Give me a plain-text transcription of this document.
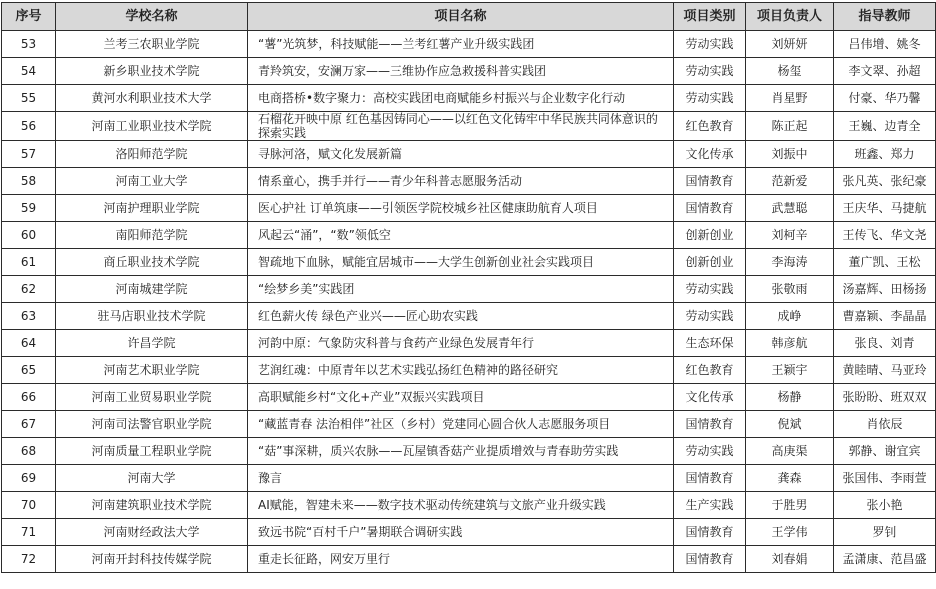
序号	学校名称	项目名称	项目类别	项目负责人	指导教师
53	兰考三农职业学院	“薯”光筑梦，科技赋能——兰考红薯产业升级实践团	劳动实践	刘妍妍	吕伟增、姚冬
54	新乡职业技术学院	青羚筑安，安澜万家——三维协作应急救援科普实践团	劳动实践	杨玺	李文翠、孙超
55	黄河水利职业技术大学	电商搭桥•数字聚力：高校实践团电商赋能乡村振兴与企业数字化行动	劳动实践	肖星野	付豪、华乃馨
56	河南工业职业技术学院	石榴花开映中原 红色基因铸同心——以红色文化铸牢中华民族共同体意识的探索实践	红色教育	陈正起	王巍、边青全
57	洛阳师范学院	寻脉河洛，赋文化发展新篇	文化传承	刘振中	班鑫、郑力
58	河南工业大学	情系童心，携手并行——青少年科普志愿服务活动	国情教育	范新爱	张凡英、张纪豪
59	河南护理职业学院	医心护社 订单筑康——引领医学院校城乡社区健康助航育人项目	国情教育	武慧聪	王庆华、马捷航
60	南阳师范学院	风起云“涌”，“数”领低空	创新创业	刘柯辛	王传飞、华文尧
61	商丘职业技术学院	智疏地下血脉，赋能宜居城市——大学生创新创业社会实践项目	创新创业	李海涛	董广凯、王松
62	河南城建学院	“绘梦乡美”实践团	劳动实践	张敬雨	汤嘉辉、田杨扬
63	驻马店职业技术学院	红色薪火传 绿色产业兴——匠心助农实践	劳动实践	成峥	曹嘉颖、李晶晶
64	许昌学院	河韵中原：气象防灾科普与食药产业绿色发展青年行	生态环保	韩彦航	张良、刘青
65	河南艺术职业学院	艺润红魂：中原青年以艺术实践弘扬红色精神的路径研究	红色教育	王颖宇	黄睦晴、马亚玲
66	河南工业贸易职业学院	高职赋能乡村“文化+产业”双振兴实践项目	文化传承	杨静	张盼盼、班双双
67	河南司法警官职业学院	“藏蓝青春 法治相伴”社区（乡村）党建同心圆合伙人志愿服务项目	国情教育	倪斌	肖依辰
68	河南质量工程职业学院	“菇”事深耕，质兴农脉——瓦屋镇香菇产业提质增效与青春助劳实践	劳动实践	高庚渠	郭静、谢宜宾
69	河南大学	豫言	国情教育	龚森	张国伟、李雨萱
70	河南建筑职业技术学院	AI赋能，智建未来——数字技术驱动传统建筑与文旅产业升级实践	生产实践	于胜男	张小艳
71	河南财经政法大学	致远书院“百村千户”暑期联合调研实践	国情教育	王学伟	罗钊
72	河南开封科技传媒学院	重走长征路，网安万里行	国情教育	刘春娟	孟潇康、范昌盛
